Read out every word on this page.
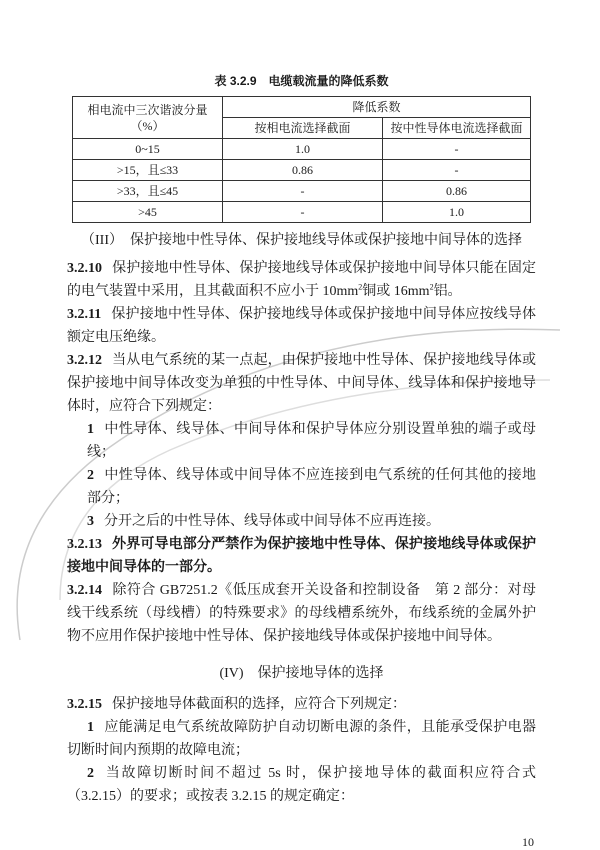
表 3.2.9　电缆载流量的降低系数
相电流中三次谐波分量（%）	降低系数	
	按相电流选择截面	按中性导体电流选择截面
0~15	1.0	-
>15，且≤33	0.86	-
>33，且≤45	-	0.86
>45	-	1.0
（III）　保护接地中性导体、保护接地线导体或保护接地中间导体的选择

3.2.10 保护接地中性导体、保护接地线导体或保护接地中间导体只能在固定的电气装置中采用，且其截面积不应小于 $10mm^2$铜或 $16mm^2$铝。

3.2.11 保护接地中性导体、保护接地线导体或保护接地中间导体应按线导体额定电压绝缘。

3.2.12 当从电气系统的某一点起，由保护接地中性导体、保护接地线导体或保护接地中间导体改变为单独的中性导体、中间导体、线导体和保护接地导体时，应符合下列规定：

1 中性导体、线导体、中间导体和保护导体应分别设置单独的端子或母线；

2 中性导体、线导体或中间导体不应连接到电气系统的任何其他的接地部分；

3 分开之后的中性导体、线导体或中间导体不应再连接。

3.2.13 外界可导电部分严禁作为保护接地中性导体、保护接地线导体或保护接地中间导体的一部分。

3.2.14 除符合 GB7251.2《低压成套开关设备和控制设备　第 2 部分：对母线干线系统（母线槽）的特殊要求》的母线槽系统外，布线系统的金属外护物不应用作保护接地中性导体、保护接地线导体或保护接地中间导体。

(IV)　保护接地导体的选择

3.2.15 保护接地导体截面积的选择，应符合下列规定：

1 应能满足电气系统故障防护自动切断电源的条件，且能承受保护电器切断时间内预期的故障电流；

2 当故障切断时间不超过 5s 时，保护接地导体的截面积应符合式（3.2.15）的要求；或按表 3.2.15 的规定确定：

10
